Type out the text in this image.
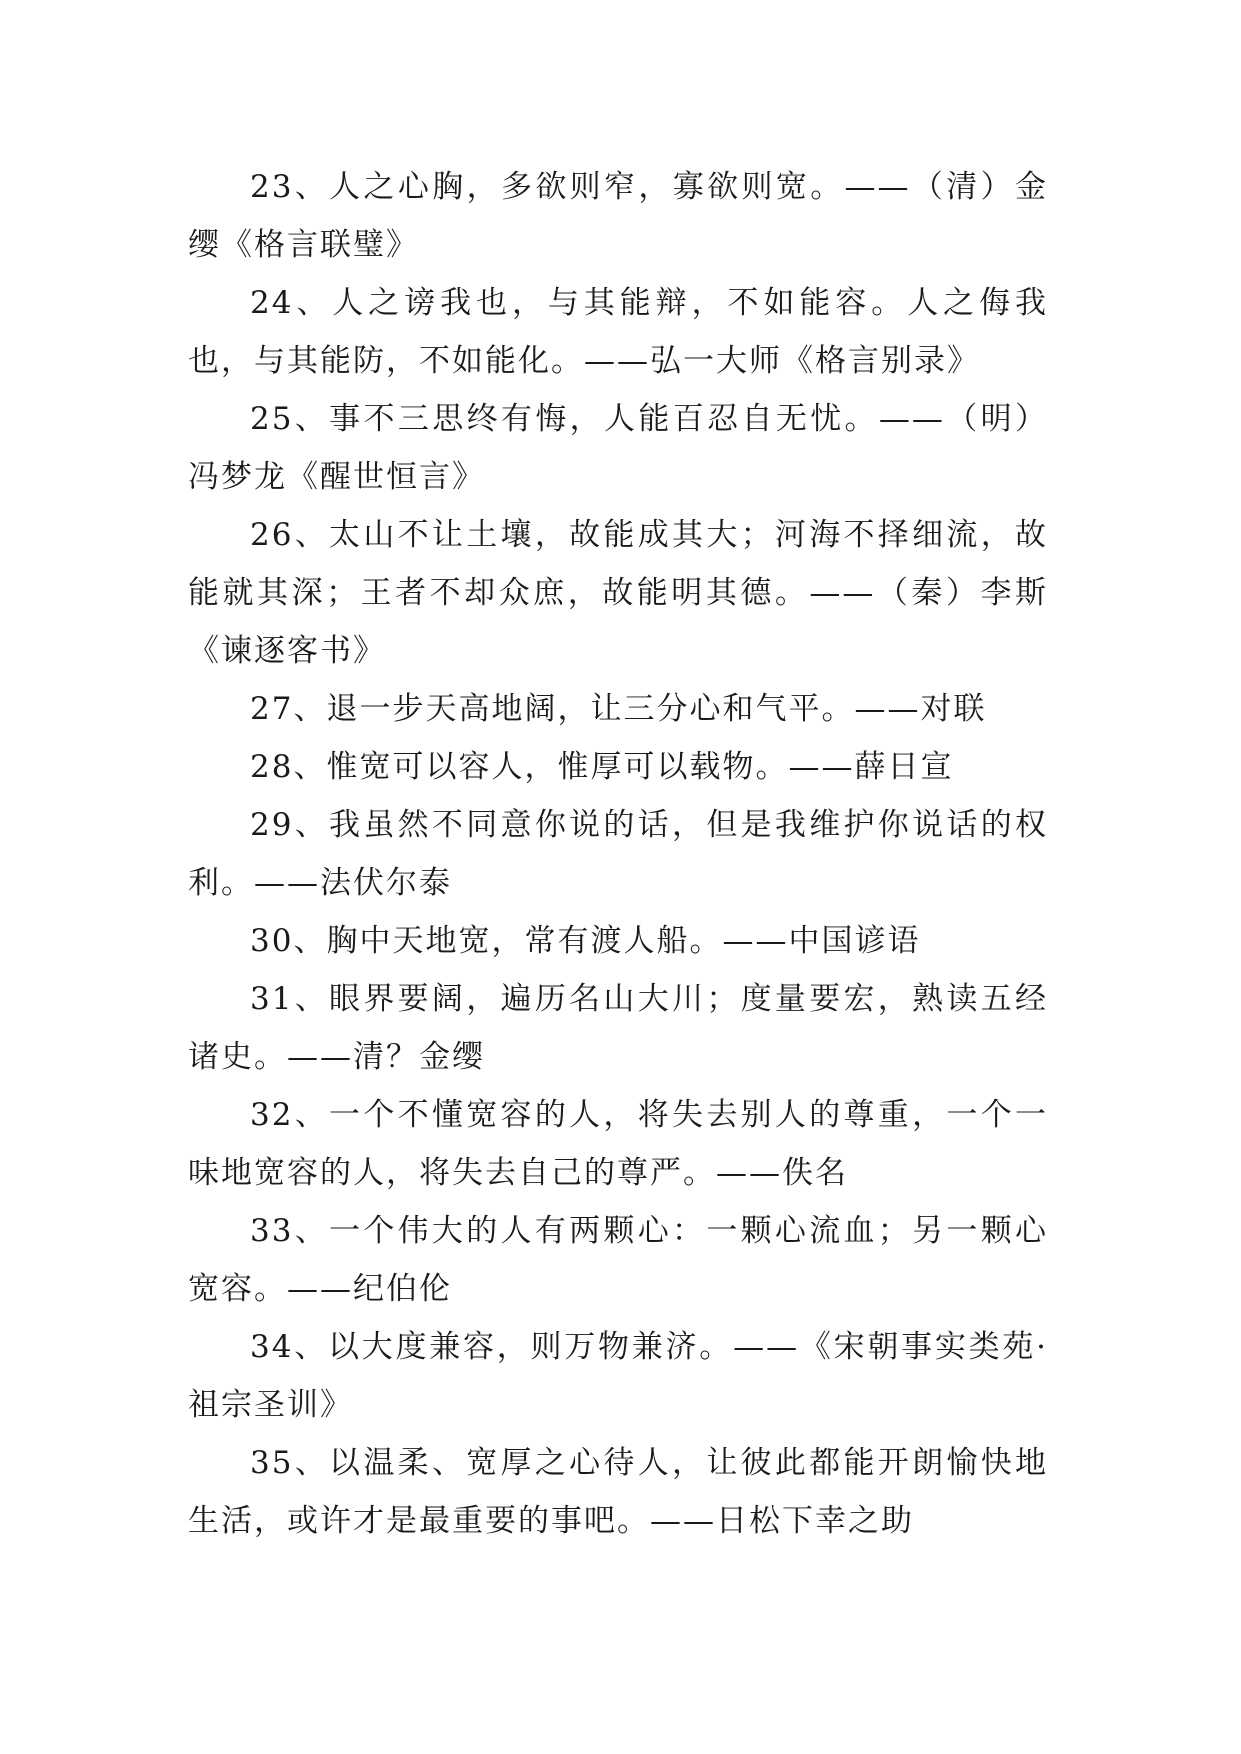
23、人之心胸，多欲则窄，寡欲则宽。——（清）金缨《格言联璧》

24、人之谤我也，与其能辩，不如能容。人之侮我也，与其能防，不如能化。——弘一大师《格言别录》

25、事不三思终有悔，人能百忍自无忧。——（明）冯梦龙《醒世恒言》

26、太山不让土壤，故能成其大；河海不择细流，故能就其深；王者不却众庶，故能明其德。——（秦）李斯《谏逐客书》

27、退一步天高地阔，让三分心和气平。——对联

28、惟宽可以容人，惟厚可以载物。——薛日宣

29、我虽然不同意你说的话，但是我维护你说话的权利。——法伏尔泰

30、胸中天地宽，常有渡人船。——中国谚语

31、眼界要阔，遍历名山大川；度量要宏，熟读五经诸史。——清？金缨

32、一个不懂宽容的人，将失去别人的尊重，一个一味地宽容的人，将失去自己的尊严。——佚名

33、一个伟大的人有两颗心：一颗心流血；另一颗心宽容。——纪伯伦

34、以大度兼容，则万物兼济。——《宋朝事实类苑·祖宗圣训》

35、以温柔、宽厚之心待人，让彼此都能开朗愉快地生活，或许才是最重要的事吧。——日松下幸之助
